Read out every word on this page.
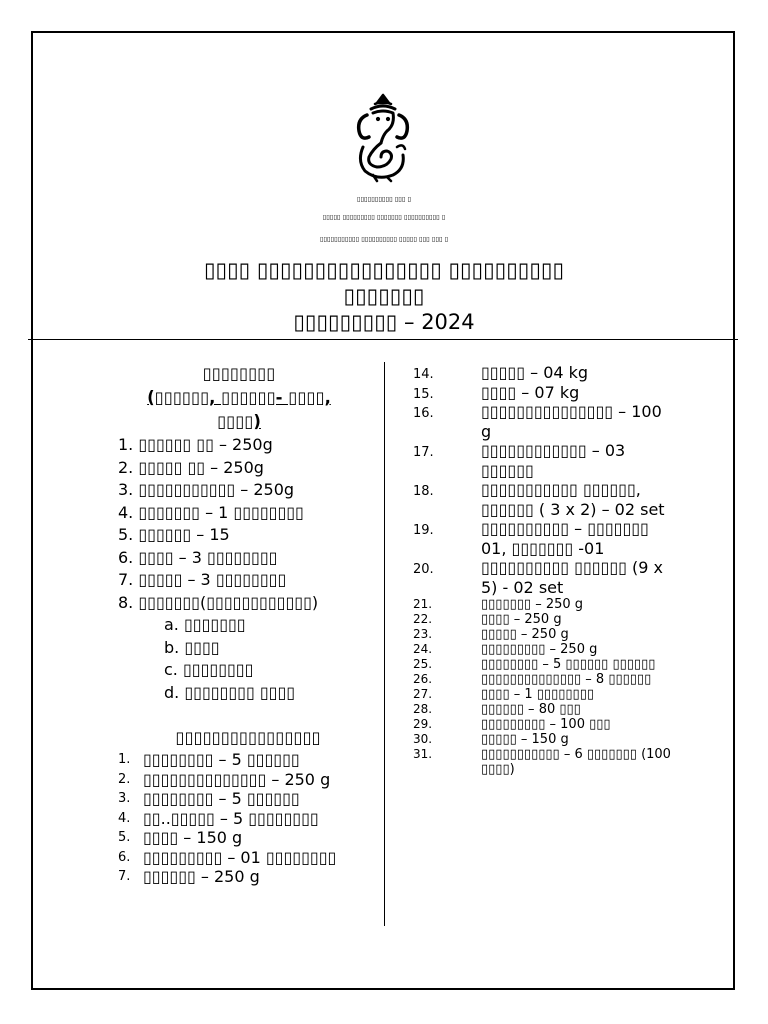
▯▯▯▯▯▯▯▯▯▯ ▯▯▯ ▯
▯▯▯▯▯ ▯▯▯▯▯▯▯▯▯ ▯▯▯▯▯▯▯ ▯▯▯▯▯▯▯▯▯▯ ▯
▯▯▯▯▯▯▯▯▯▯▯ ▯▯▯▯▯▯▯▯▯▯ ▯▯▯▯▯ ▯▯▯ ▯▯▯ ▯
▯▯▯▯ ▯▯▯▯▯▯▯▯▯▯▯▯▯▯▯▯ ▯▯▯▯▯▯▯▯▯▯
▯▯▯▯▯▯▯
▯▯▯▯▯▯▯▯▯ – 2024
▯▯▯▯▯▯▯▯
(▯▯▯▯▯▯, ▯▯▯▯▯▯- ▯▯▯▯,
▯▯▯▯)
1. ▯▯▯▯▯▯ ▯▯ – 250g
2. ▯▯▯▯▯ ▯▯ – 250g
3. ▯▯▯▯▯▯▯▯▯▯▯ – 250g
4. ▯▯▯▯▯▯▯ – 1 ▯▯▯▯▯▯▯▯
5. ▯▯▯▯▯▯ – 15
6. ▯▯▯▯ – 3 ▯▯▯▯▯▯▯▯
7. ▯▯▯▯▯ – 3 ▯▯▯▯▯▯▯▯
8. ▯▯▯▯▯▯▯(▯▯▯▯▯▯▯▯▯▯▯▯)
a. ▯▯▯▯▯▯▯
b. ▯▯▯▯
c. ▯▯▯▯▯▯▯▯
d. ▯▯▯▯▯▯▯▯ ▯▯▯▯
▯▯▯▯▯▯▯▯▯▯▯▯▯▯▯▯
1. ▯▯▯▯▯▯▯▯ – 5 ▯▯▯▯▯▯
2. ▯▯▯▯▯▯▯▯▯▯▯▯▯▯ – 250 g
3. ▯▯▯▯▯▯▯▯ – 5 ▯▯▯▯▯▯
4. ▯▯..▯▯▯▯▯ – 5 ▯▯▯▯▯▯▯▯
5. ▯▯▯▯ – 150 g
6. ▯▯▯▯▯▯▯▯▯ – 01 ▯▯▯▯▯▯▯▯
7. ▯▯▯▯▯▯ – 250 g
14.	▯▯▯▯▯ – 04 kg
15.	▯▯▯▯ – 07 kg
16.	▯▯▯▯▯▯▯▯▯▯▯▯▯▯▯ – 100 g
17.	▯▯▯▯▯▯▯▯▯▯▯▯ – 03 ▯▯▯▯▯▯
18.	▯▯▯▯▯▯▯▯▯▯▯ ▯▯▯▯▯▯, ▯▯▯▯▯▯ ( 3 x 2) – 02 set
19.	▯▯▯▯▯▯▯▯▯▯ – ▯▯▯▯▯▯▯ 01, ▯▯▯▯▯▯▯ -01
20.	▯▯▯▯▯▯▯▯▯▯ ▯▯▯▯▯▯ (9 x 5) - 02 set
21.	▯▯▯▯▯▯▯ – 250 g
22.	▯▯▯▯ – 250 g
23.	▯▯▯▯▯ – 250 g
24.	▯▯▯▯▯▯▯▯▯ – 250 g
25.	▯▯▯▯▯▯▯▯ – 5 ▯▯▯▯▯▯ ▯▯▯▯▯▯
26.	▯▯▯▯▯▯▯▯▯▯▯▯▯▯ – 8 ▯▯▯▯▯▯
27.	▯▯▯▯ – 1 ▯▯▯▯▯▯▯▯
28.	▯▯▯▯▯▯ – 80 ▯▯▯
29.	▯▯▯▯▯▯▯▯▯ – 100 ▯▯▯
30.	▯▯▯▯▯ – 150 g
31.	▯▯▯▯▯▯▯▯▯▯▯ – 6 ▯▯▯▯▯▯▯ (100 ▯▯▯▯)
